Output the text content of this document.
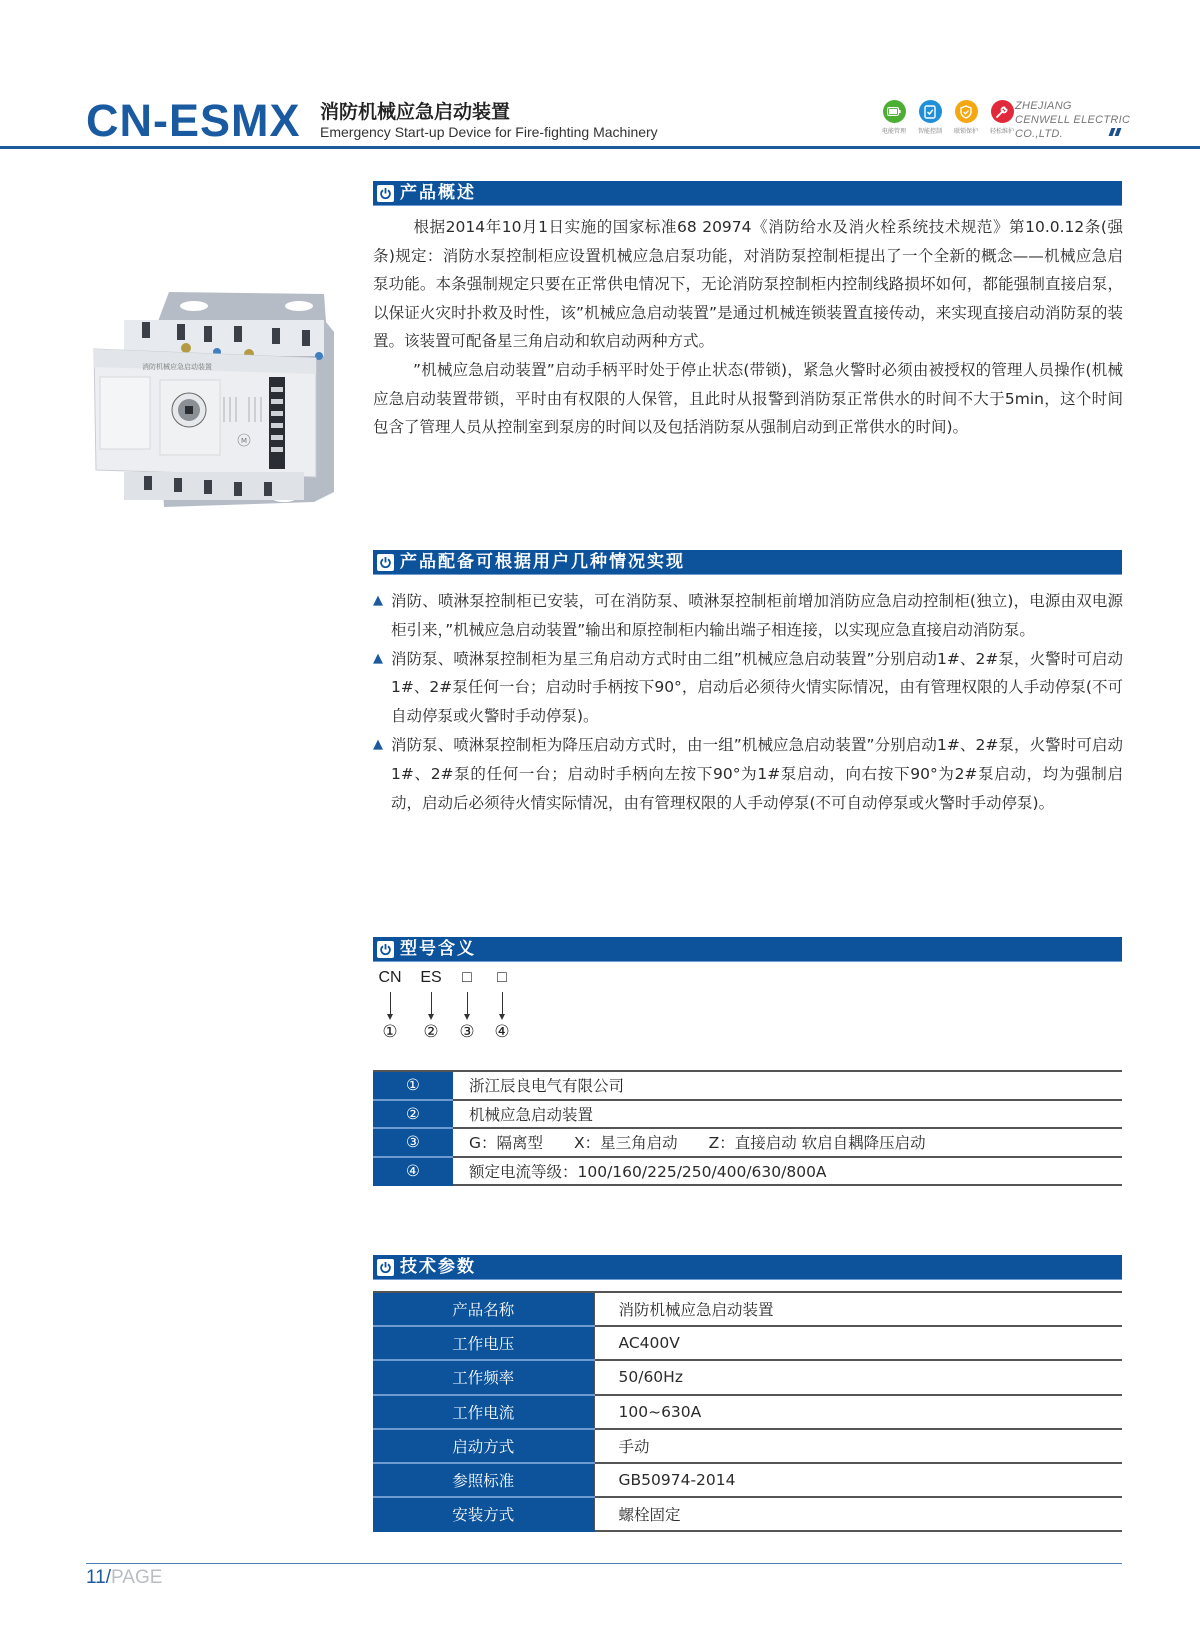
CN-ESMX 消防机械应急启动装置
Emergency Start-up Device for Fire-fighting Machinery	电能管理 智能控制 联锁保护 轻松维护
ZHEJIANG
CENWELL ELECTRIC
CO.,LTD.
消防机械应急启动装置
M
产品概述
根据2014年10月1日实施的国家标准68 20974《消防给水及消火栓系统技术规范》第10.0.12条(强条)规定：消防水泵控制柜应设置机械应急启泵功能，对消防泵控制柜提出了一个全新的概念——机械应急启泵功能。本条强制规定只要在正常供电情况下，无论消防泵控制柜内控制线路损坏如何，都能强制直接启泵，以保证火灾时扑救及时性，该”机械应急启动装置”是通过机械连锁装置直接传动，来实现直接启动消防泵的装置。该装置可配备星三角启动和软启动两种方式。
”机械应急启动装置”启动手柄平时处于停止状态(带锁)，紧急火警时必须由被授权的管理人员操作(机械应急启动装置带锁，平时由有权限的人保管，且此时从报警到消防泵正常供水的时间不大于5min，这个时间包含了管理人员从控制室到泵房的时间以及包括消防泵从强制启动到正常供水的时间)。
产品配备可根据用户几种情况实现
▲ 消防、喷淋泵控制柜已安装，可在消防泵、喷淋泵控制柜前增加消防应急启动控制柜(独立)，电源由双电源柜引来，”机械应急启动装置”输出和原控制柜内输出端子相连接，以实现应急直接启动消防泵。
▲ 消防泵、喷淋泵控制柜为星三角启动方式时由二组”机械应急启动装置”分别启动1#、2#泵，火警时可启动1#、2#泵任何一台；启动时手柄按下90°，启动后必须待火情实际情况，由有管理权限的人手动停泵(不可自动停泵或火警时手动停泵)。
▲ 消防泵、喷淋泵控制柜为降压启动方式时，由一组”机械应急启动装置”分别启动1#、2#泵，火警时可启动1#、2#泵的任何一台；启动时手柄向左按下90°为1#泵启动，向右按下90°为2#泵启动，均为强制启动，启动后必须待火情实际情况，由有管理权限的人手动停泵(不可自动停泵或火警时手动停泵)。
型号含义
CN
①
ES
②
□
③
□
④
①	浙江辰良电气有限公司
②	机械应急启动装置
③	G：隔离型　　X：星三角启动　　Z：直接启动 软启自耦降压启动
④	额定电流等级：100/160/225/250/400/630/800A
技术参数
产品名称	消防机械应急启动装置
工作电压	AC400V
工作频率	50/60Hz
工作电流	100~630A
启动方式	手动
参照标准	GB50974-2014
安装方式	螺栓固定
11/PAGE
